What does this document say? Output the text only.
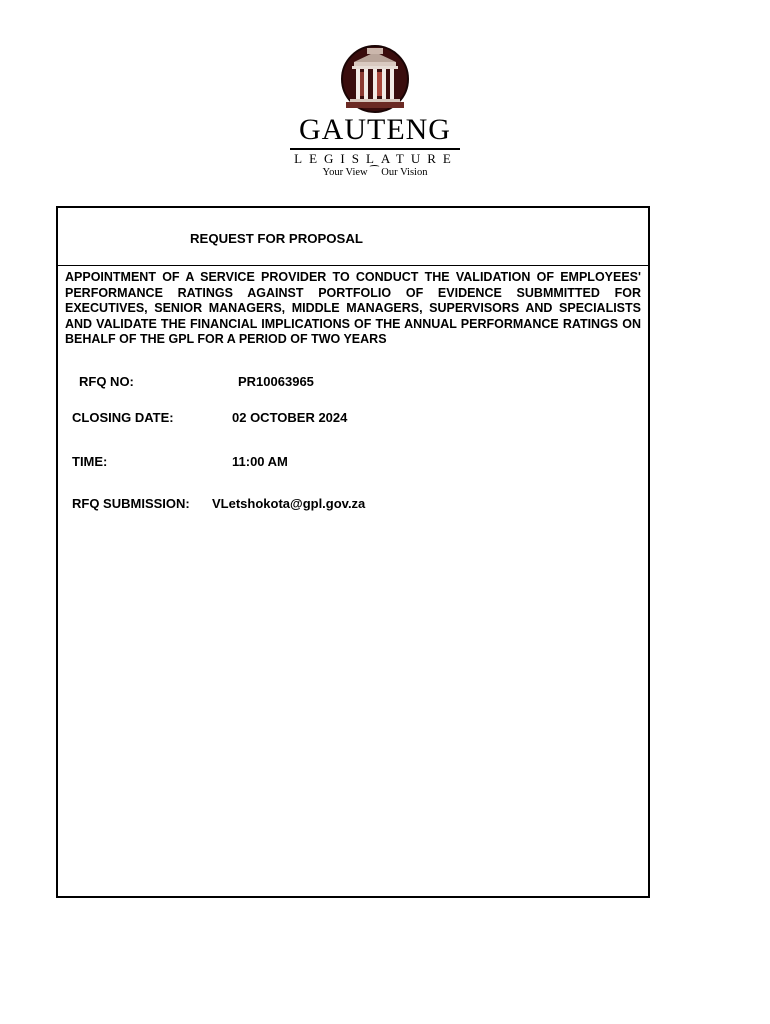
GAUTENG
LEGISLATURE
Your View ⁀ Our Vision
REQUEST FOR PROPOSAL
APPOINTMENT OF A SERVICE PROVIDER TO CONDUCT THE VALIDATION OF EMPLOYEES' PERFORMANCE RATINGS AGAINST PORTFOLIO OF EVIDENCE SUBMMITTED FOR EXECUTIVES, SENIOR MANAGERS, MIDDLE MANAGERS, SUPERVISORS AND SPECIALISTS AND VALIDATE THE FINANCIAL IMPLICATIONS OF THE ANNUAL PERFORMANCE RATINGS ON BEHALF OF THE GPL FOR A PERIOD OF TWO YEARS
RFQ NO:	PR10063965
CLOSING DATE:	02 OCTOBER 2024
TIME:	11:00 AM
RFQ SUBMISSION: VLetshokota@gpl.gov.za
